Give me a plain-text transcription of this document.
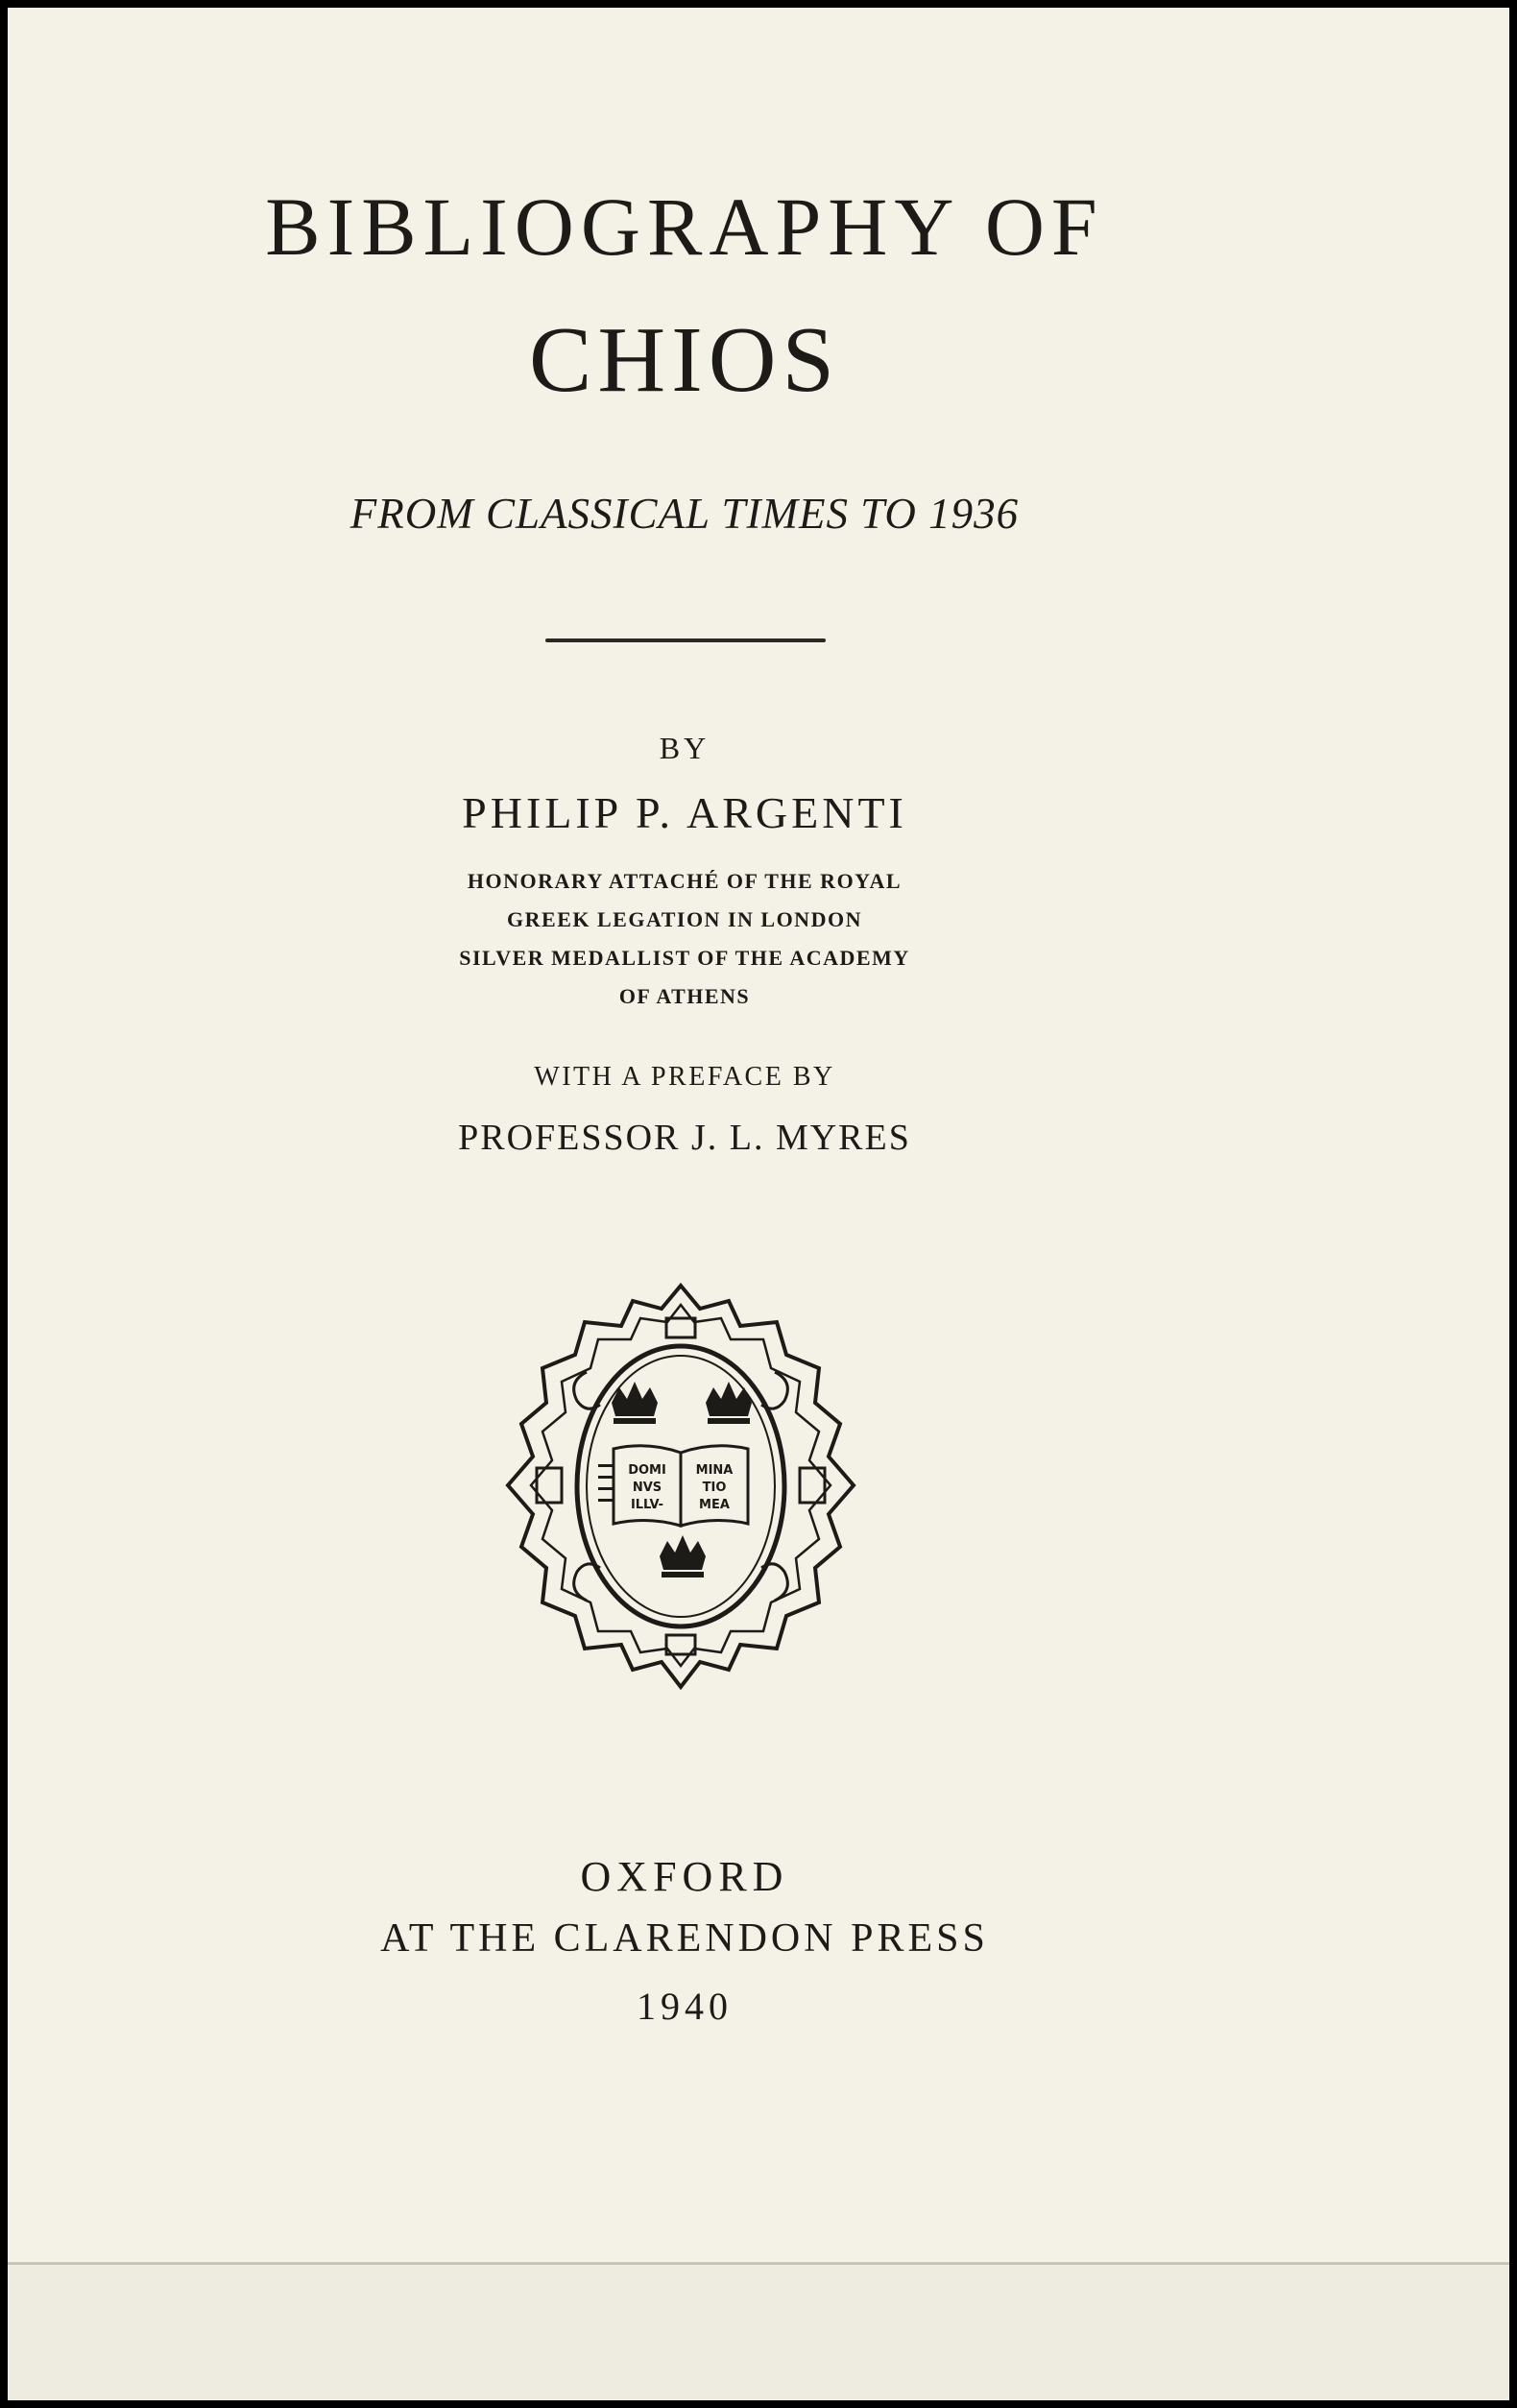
BIBLIOGRAPHY OF
CHIOS
FROM CLASSICAL TIMES TO 1936
BY
PHILIP P. ARGENTI
HONORARY ATTACHÉ OF THE ROYAL
GREEK LEGATION IN LONDON
SILVER MEDALLIST OF THE ACADEMY
OF ATHENS
WITH A PREFACE BY
PROFESSOR J. L. MYRES
DOMI
NVS
ILLV-
MINA
TIO
MEA
OXFORD
AT THE CLARENDON PRESS
1940
